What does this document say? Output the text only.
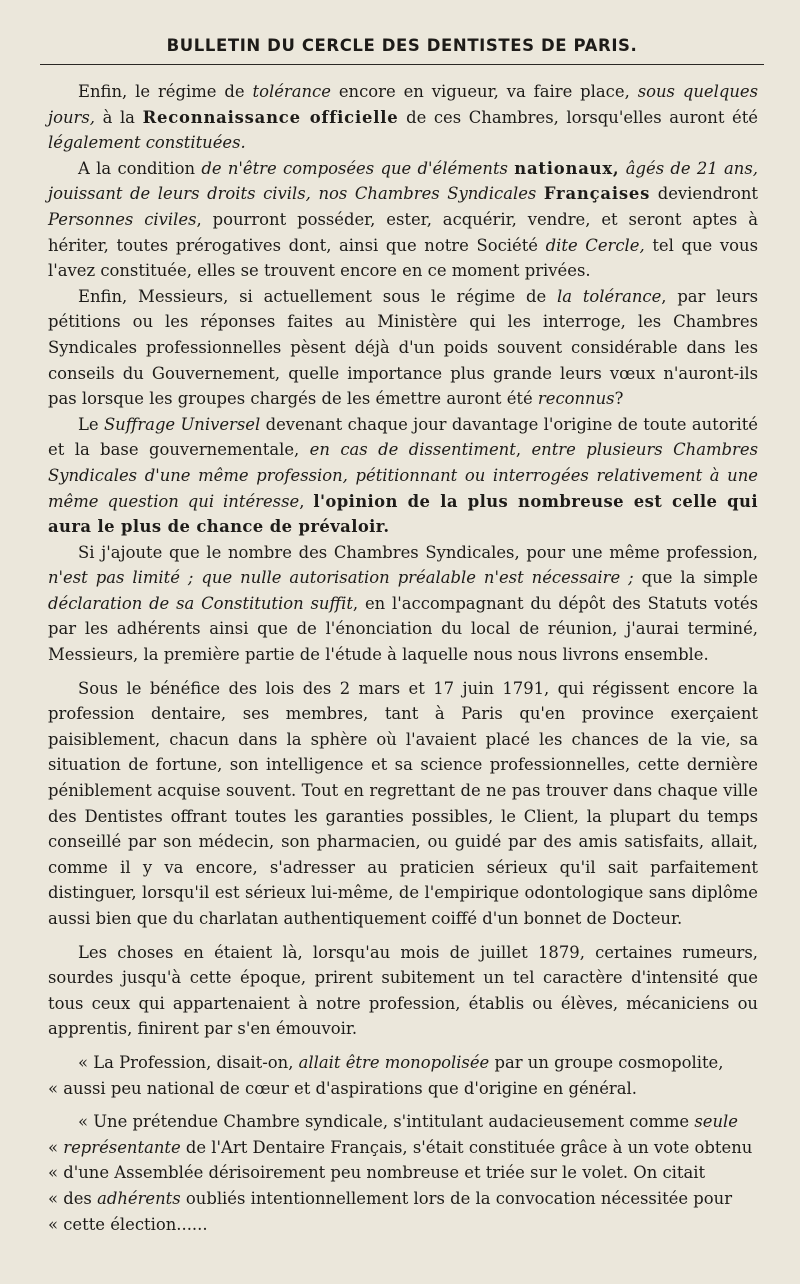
BULLETIN DU CERCLE DES DENTISTES DE PARIS.

Enfin, le régime de tolérance encore en vigueur, va faire place, sous quelques jours, à la Reconnaissance officielle de ces Chambres, lorsqu'elles auront été légalement constituées.

A la condition de n'être composées que d'éléments nationaux, âgés de 21 ans, jouissant de leurs droits civils, nos Chambres Syndicales Françaises deviendront Personnes civiles, pourront posséder, ester, acquérir, vendre, et seront aptes à hériter, toutes prérogatives dont, ainsi que notre Société dite Cercle, tel que vous l'avez constituée, elles se trouvent encore en ce moment privées.

Enfin, Messieurs, si actuellement sous le régime de la tolérance, par leurs pétitions ou les réponses faites au Ministère qui les interroge, les Chambres Syndicales professionnelles pèsent déjà d'un poids souvent considérable dans les conseils du Gouvernement, quelle importance plus grande leurs vœux n'auront-ils pas lorsque les groupes chargés de les émettre auront été reconnus?

Le Suffrage Universel devenant chaque jour davantage l'origine de toute autorité et la base gouvernementale, en cas de dissentiment, entre plusieurs Chambres Syndicales d'une même profession, pétitionnant ou interrogées relativement à une même question qui intéresse, l'opinion de la plus nombreuse est celle qui aura le plus de chance de prévaloir.

Si j'ajoute que le nombre des Chambres Syndicales, pour une même profession, n'est pas limité ; que nulle autorisation préalable n'est nécessaire ; que la simple déclaration de sa Constitution suffit, en l'accompagnant du dépôt des Statuts votés par les adhérents ainsi que de l'énonciation du local de réunion, j'aurai terminé, Messieurs, la première partie de l'étude à laquelle nous nous livrons ensemble.

Sous le bénéfice des lois des 2 mars et 17 juin 1791, qui régissent encore la profession dentaire, ses membres, tant à Paris qu'en province exerçaient paisiblement, chacun dans la sphère où l'avaient placé les chances de la vie, sa situation de fortune, son intelligence et sa science professionnelles, cette dernière péniblement acquise souvent. Tout en regrettant de ne pas trouver dans chaque ville des Dentistes offrant toutes les garanties possibles, le Client, la plupart du temps conseillé par son médecin, son pharmacien, ou guidé par des amis satisfaits, allait, comme il y va encore, s'adresser au praticien sérieux qu'il sait parfaitement distinguer, lorsqu'il est sérieux lui-même, de l'empirique odontologique sans diplôme aussi bien que du charlatan authentiquement coiffé d'un bonnet de Docteur.

Les choses en étaient là, lorsqu'au mois de juillet 1879, certaines rumeurs, sourdes jusqu'à cette époque, prirent subitement un tel caractère d'intensité que tous ceux qui appartenaient à notre profession, établis ou élèves, mécaniciens ou apprentis, finirent par s'en émouvoir.

« La Profession, disait-on, allait être monopolisée par un groupe cosmopolite,
« aussi peu national de cœur et d'aspirations que d'origine en général.

« Une prétendue Chambre syndicale, s'intitulant audacieusement comme seule
« représentante de l'Art Dentaire Français, s'était constituée grâce à un vote obtenu
« d'une Assemblée dérisoirement peu nombreuse et triée sur le volet. On citait
« des adhérents oubliés intentionnellement lors de la convocation nécessitée pour
« cette élection......
